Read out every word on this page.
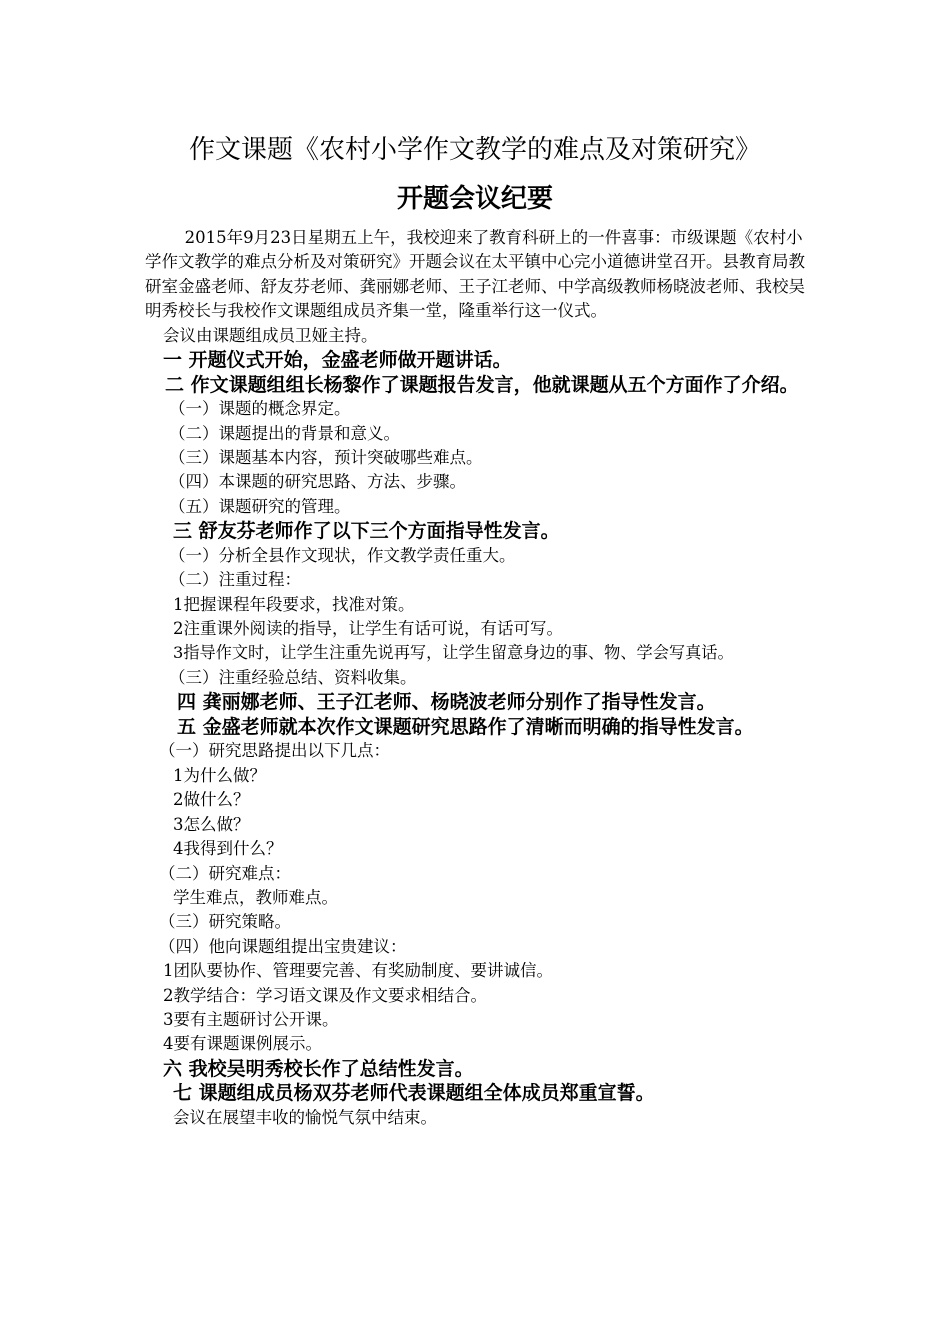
作文课题《农村小学作文教学的难点及对策研究》
开题会议纪要
2015年9月23日星期五上午，我校迎来了教育科研上的一件喜事：市级课题《农村小学作文教学的难点分析及对策研究》开题会议在太平镇中心完小道德讲堂召开。县教育局教研室金盛老师、舒友芬老师、龚丽娜老师、王子江老师、中学高级教师杨晓波老师、我校吴明秀校长与我校作文课题组成员齐集一堂，隆重举行这一仪式。
会议由课题组成员卫娅主持。
一 开题仪式开始，金盛老师做开题讲话。
二 作文课题组组长杨黎作了课题报告发言，他就课题从五个方面作了介绍。
（一）课题的概念界定。
（二）课题提出的背景和意义。
（三）课题基本内容，预计突破哪些难点。
（四）本课题的研究思路、方法、步骤。
（五）课题研究的管理。
三 舒友芬老师作了以下三个方面指导性发言。
（一）分析全县作文现状，作文教学责任重大。
（二）注重过程：
1把握课程年段要求，找准对策。
2注重课外阅读的指导，让学生有话可说，有话可写。
3指导作文时，让学生注重先说再写，让学生留意身边的事、物、学会写真话。
（三）注重经验总结、资料收集。
四 龚丽娜老师、王子江老师、杨晓波老师分别作了指导性发言。
五 金盛老师就本次作文课题研究思路作了清晰而明确的指导性发言。
（一）研究思路提出以下几点：
1为什么做？
2做什么？
3怎么做？
4我得到什么？
（二）研究难点：
学生难点，教师难点。
（三）研究策略。
（四）他向课题组提出宝贵建议：
1团队要协作、管理要完善、有奖励制度、要讲诚信。
2教学结合：学习语文课及作文要求相结合。
3要有主题研讨公开课。
4要有课题课例展示。
六 我校吴明秀校长作了总结性发言。
七 课题组成员杨双芬老师代表课题组全体成员郑重宣誓。
会议在展望丰收的愉悦气氛中结束。
